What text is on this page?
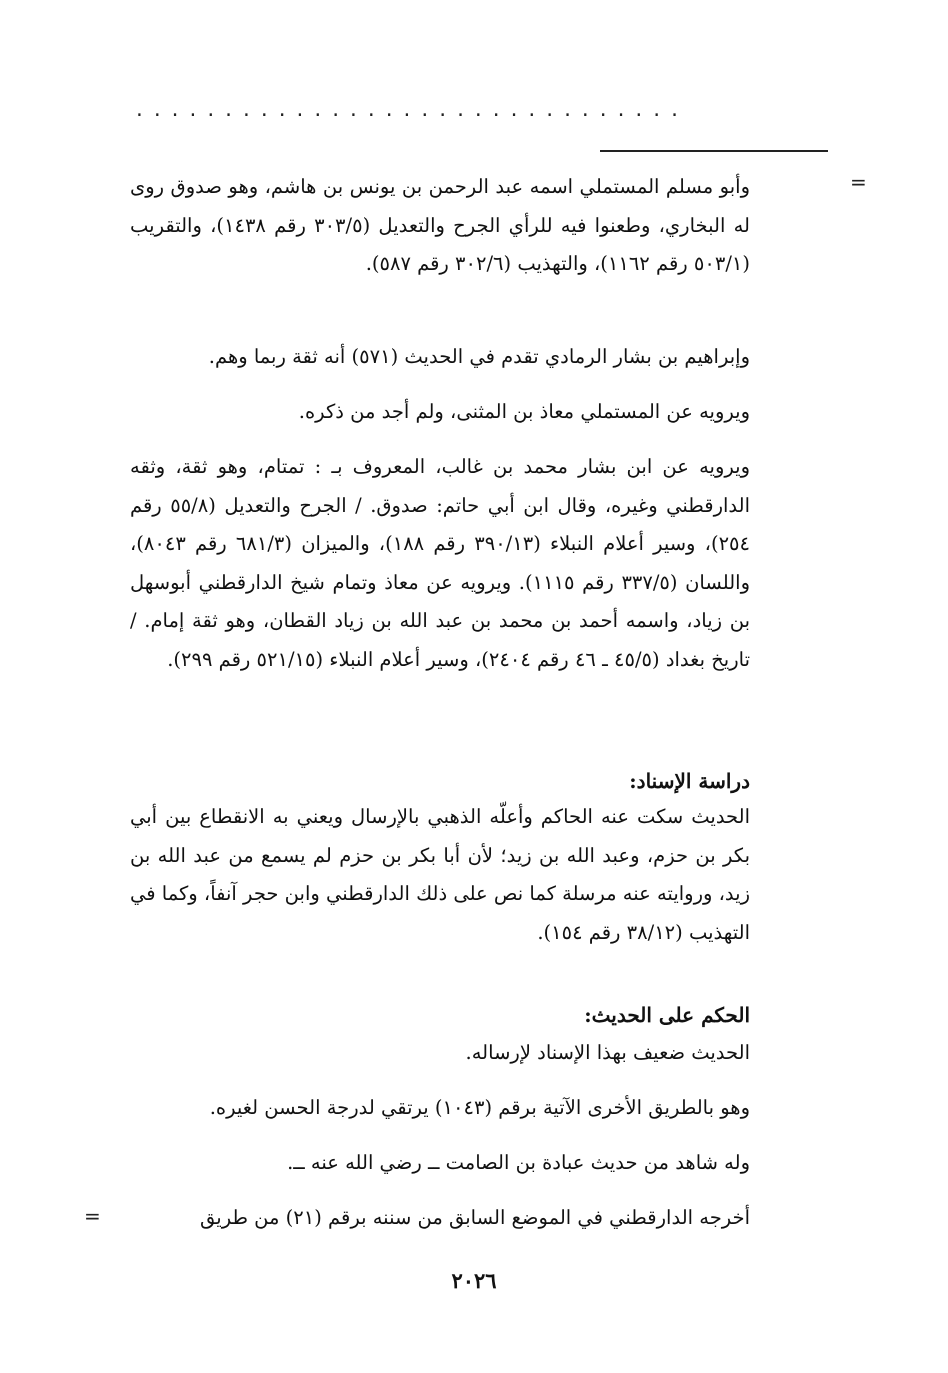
...............................
=

وأبو مسلم المستملي اسمه عبد الرحمن بن يونس بن هاشم، وهو صدوق روى له البخاري، وطعنوا فيه للرأي الجرح والتعديل (٣٠٣/٥ رقم ١٤٣٨)، والتقريب (٥٠٣/١ رقم ١١٦٢)، والتهذيب (٣٠٢/٦ رقم ٥٨٧).

وإبراهيم بن بشار الرمادي تقدم في الحديث (٥٧١) أنه ثقة ربما وهم.

ويرويه عن المستملي معاذ بن المثنى، ولم أجد من ذكره.

ويرويه عن ابن بشار محمد بن غالب، المعروف بـ : تمتام، وهو ثقة، وثقه الدارقطني وغيره، وقال ابن أبي حاتم: صدوق. / الجرح والتعديل (٥٥/٨ رقم ٢٥٤)، وسير أعلام النبلاء (٣٩٠/١٣ رقم ١٨٨)، والميزان (٦٨١/٣ رقم ٨٠٤٣)، واللسان (٣٣٧/٥ رقم ١١١٥). ويرويه عن معاذ وتمام شيخ الدارقطني أبوسهل بن زياد، واسمه أحمد بن محمد بن عبد الله بن زياد القطان، وهو ثقة إمام. / تاريخ بغداد (٤٥/٥ ـ ٤٦ رقم ٢٤٠٤)، وسير أعلام النبلاء (٥٢١/١٥ رقم ٢٩٩).

دراسة الإسناد:

الحديث سكت عنه الحاكم وأعلّه الذهبي بالإرسال ويعني به الانقطاع بين أبي بكر بن حزم، وعبد الله بن زيد؛ لأن أبا بكر بن حزم لم يسمع من عبد الله بن زيد، وروايته عنه مرسلة كما نص على ذلك الدارقطني وابن حجر آنفاً، وكما في التهذيب (٣٨/١٢ رقم ١٥٤).

الحكم على الحديث:

الحديث ضعيف بهذا الإسناد لإرساله.

وهو بالطريق الأخرى الآتية برقم (١٠٤٣) يرتقي لدرجة الحسن لغيره.

وله شاهد من حديث عبادة بن الصامت ــ رضي الله عنه ــ.

أخرجه الدارقطني في الموضع السابق من سننه برقم (٢١) من طريق

=
٢٠٢٦
